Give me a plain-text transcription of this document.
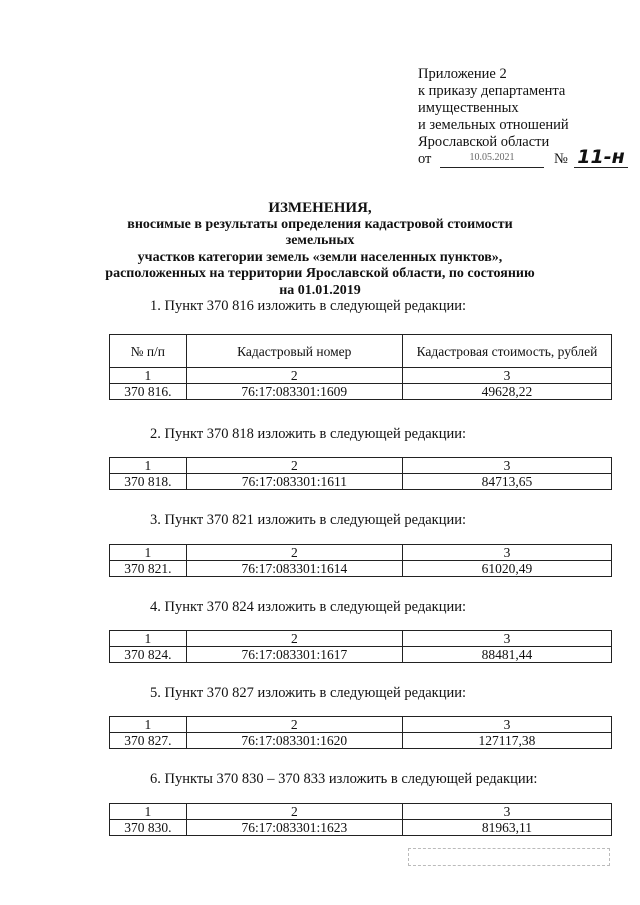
Приложение 2
к приказу департамента
имущественных
и земельных отношений
Ярославской области
от	10.05.2021	№ 11-н
ИЗМЕНЕНИЯ,
вносимые в результаты определения кадастровой стоимости земельных
участков категории земель «земли населенных пунктов»,
расположенных на территории Ярославской области, по состоянию
на 01.01.2019
1. Пункт 370 816 изложить в следующей редакции:
№ п/п	Кадастровый номер	Кадастровая стоимость, рублей
1	2	3
370 816.	76:17:083301:1609	49628,22
2. Пункт 370 818 изложить в следующей редакции:
1	2	3
370 818.	76:17:083301:1611	84713,65
3. Пункт 370 821 изложить в следующей редакции:
1	2	3
370 821.	76:17:083301:1614	61020,49
4. Пункт 370 824 изложить в следующей редакции:
1	2	3
370 824.	76:17:083301:1617	88481,44
5. Пункт 370 827 изложить в следующей редакции:
1	2	3
370 827.	76:17:083301:1620	127117,38
6. Пункты 370 830 – 370 833 изложить в следующей редакции:
1	2	3
370 830.	76:17:083301:1623	81963,11
